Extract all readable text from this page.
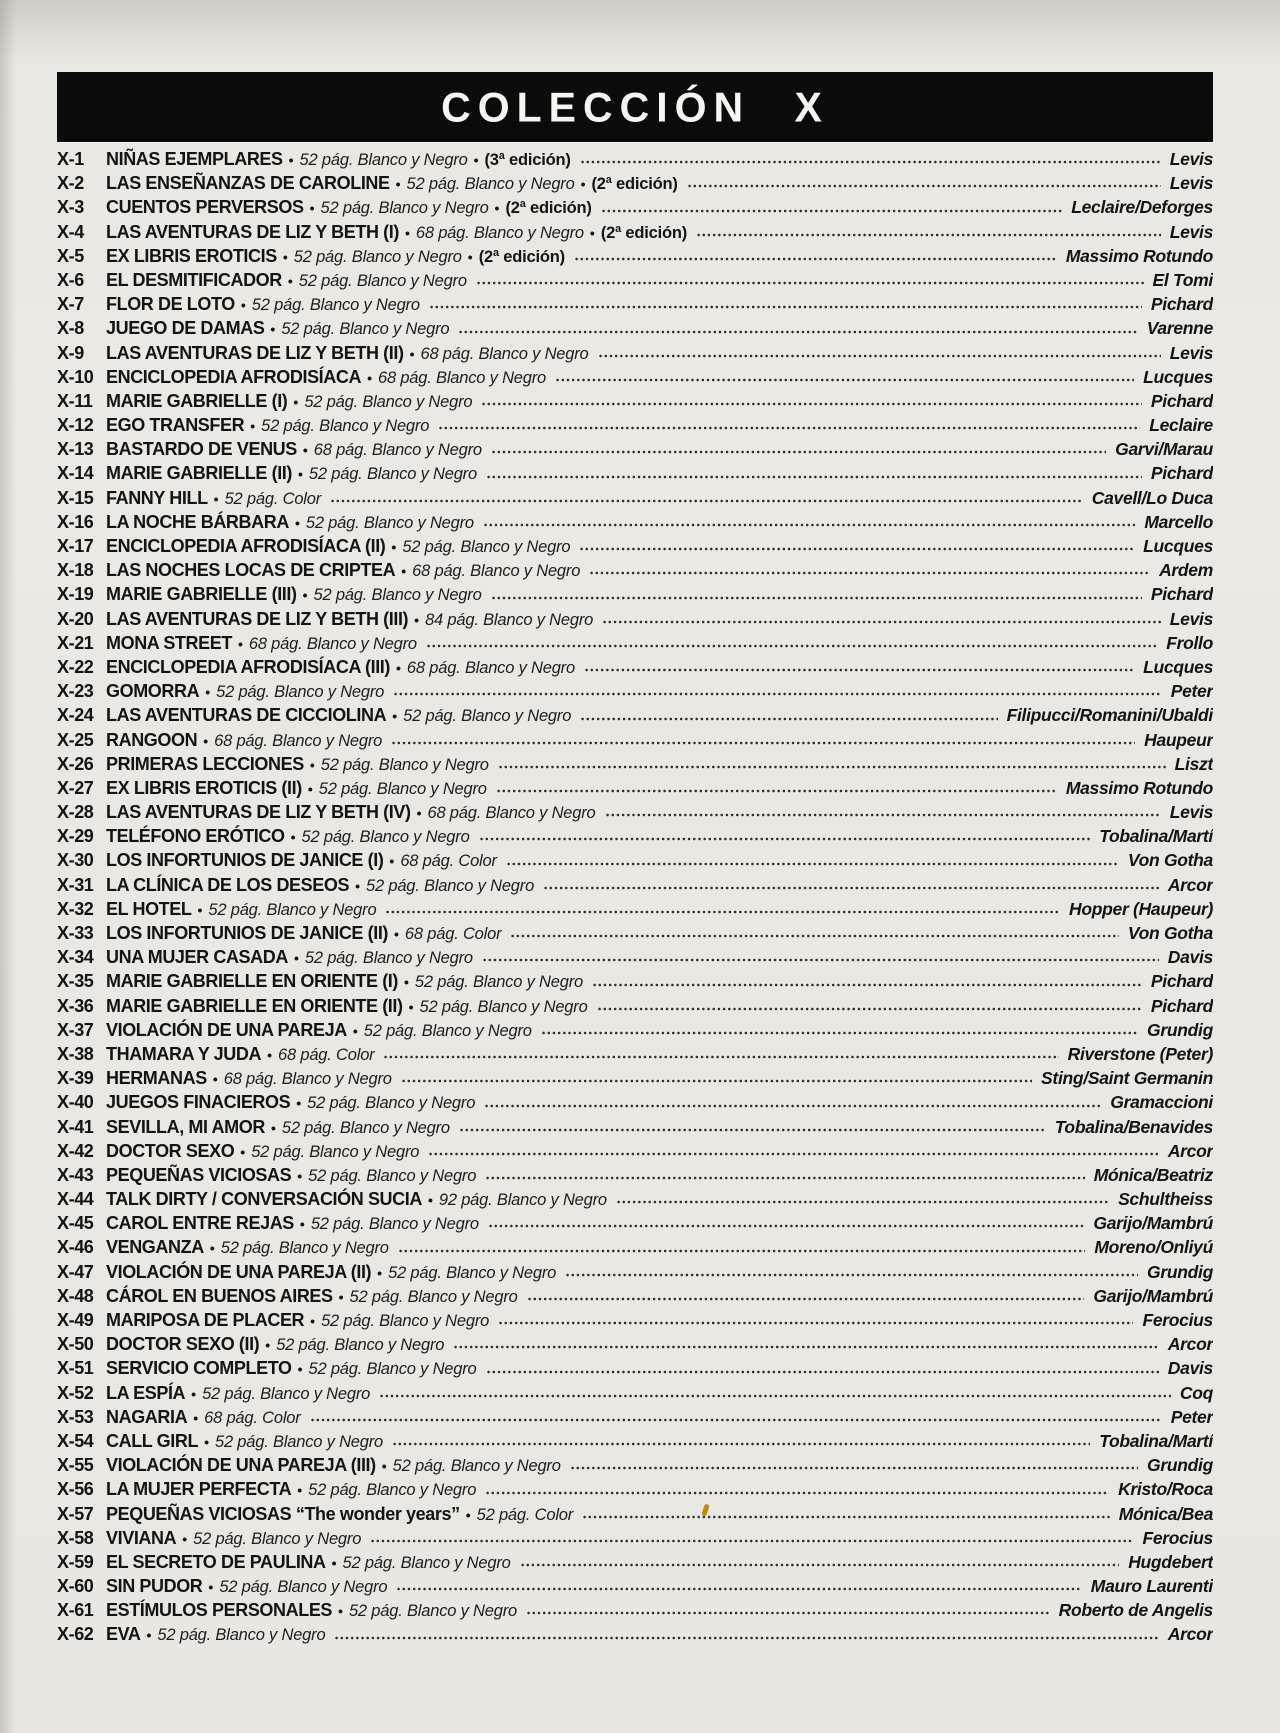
COLECCIÓN X
X-1	NIÑAS EJEMPLARES • 52 pág. Blanco y Negro • (3ª edición)	Levis
X-2	LAS ENSEÑANZAS DE CAROLINE • 52 pág. Blanco y Negro • (2ª edición)	Levis
X-3	CUENTOS PERVERSOS • 52 pág. Blanco y Negro • (2ª edición)	Leclaire/Deforges
X-4	LAS AVENTURAS DE LIZ Y BETH (I) • 68 pág. Blanco y Negro • (2ª edición)	Levis
X-5	EX LIBRIS EROTICIS • 52 pág. Blanco y Negro • (2ª edición)	Massimo Rotundo
X-6	EL DESMITIFICADOR • 52 pág. Blanco y Negro	El Tomi
X-7	FLOR DE LOTO • 52 pág. Blanco y Negro	Pichard
X-8	JUEGO DE DAMAS • 52 pág. Blanco y Negro	Varenne
X-9	LAS AVENTURAS DE LIZ Y BETH (II) • 68 pág. Blanco y Negro	Levis
X-10 ENCICLOPEDIA AFRODISÍACA • 68 pág. Blanco y Negro	Lucques
X-11 MARIE GABRIELLE (I) • 52 pág. Blanco y Negro	Pichard
X-12 EGO TRANSFER • 52 pág. Blanco y Negro	Leclaire
X-13 BASTARDO DE VENUS • 68 pág. Blanco y Negro	Garvi/Marau
X-14 MARIE GABRIELLE (II) • 52 pág. Blanco y Negro	Pichard
X-15 FANNY HILL • 52 pág. Color	Cavell/Lo Duca
X-16 LA NOCHE BÁRBARA • 52 pág. Blanco y Negro	Marcello
X-17 ENCICLOPEDIA AFRODISÍACA (II) • 52 pág. Blanco y Negro	Lucques
X-18 LAS NOCHES LOCAS DE CRIPTEA • 68 pág. Blanco y Negro	Ardem
X-19 MARIE GABRIELLE (III) • 52 pág. Blanco y Negro	Pichard
X-20 LAS AVENTURAS DE LIZ Y BETH (III) • 84 pág. Blanco y Negro	Levis
X-21 MONA STREET • 68 pág. Blanco y Negro	Frollo
X-22 ENCICLOPEDIA AFRODISÍACA (III) • 68 pág. Blanco y Negro	Lucques
X-23 GOMORRA • 52 pág. Blanco y Negro	Peter
X-24 LAS AVENTURAS DE CICCIOLINA • 52 pág. Blanco y Negro	Filipucci/Romanini/Ubaldi
X-25 RANGOON • 68 pág. Blanco y Negro	Haupeur
X-26 PRIMERAS LECCIONES • 52 pág. Blanco y Negro	Liszt
X-27 EX LIBRIS EROTICIS (II) • 52 pág. Blanco y Negro	Massimo Rotundo
X-28 LAS AVENTURAS DE LIZ Y BETH (IV) • 68 pág. Blanco y Negro	Levis
X-29 TELÉFONO ERÓTICO • 52 pág. Blanco y Negro	Tobalina/Martí
X-30 LOS INFORTUNIOS DE JANICE (I) • 68 pág. Color	Von Gotha
X-31 LA CLÍNICA DE LOS DESEOS • 52 pág. Blanco y Negro	Arcor
X-32 EL HOTEL • 52 pág. Blanco y Negro	Hopper (Haupeur)
X-33 LOS INFORTUNIOS DE JANICE (II) • 68 pág. Color	Von Gotha
X-34 UNA MUJER CASADA • 52 pág. Blanco y Negro	Davis
X-35 MARIE GABRIELLE EN ORIENTE (I) • 52 pág. Blanco y Negro	Pichard
X-36 MARIE GABRIELLE EN ORIENTE (II) • 52 pág. Blanco y Negro	Pichard
X-37 VIOLACIÓN DE UNA PAREJA • 52 pág. Blanco y Negro	Grundig
X-38 THAMARA Y JUDA • 68 pág. Color	Riverstone (Peter)
X-39 HERMANAS • 68 pág. Blanco y Negro	Sting/Saint Germanin
X-40 JUEGOS FINACIEROS • 52 pág. Blanco y Negro	Gramaccioni
X-41 SEVILLA, MI AMOR • 52 pág. Blanco y Negro	Tobalina/Benavides
X-42 DOCTOR SEXO • 52 pág. Blanco y Negro	Arcor
X-43 PEQUEÑAS VICIOSAS • 52 pág. Blanco y Negro	Mónica/Beatriz
X-44 TALK DIRTY / CONVERSACIÓN SUCIA • 92 pág. Blanco y Negro	Schultheiss
X-45 CAROL ENTRE REJAS • 52 pág. Blanco y Negro	Garijo/Mambrú
X-46 VENGANZA • 52 pág. Blanco y Negro	Moreno/Onliyú
X-47 VIOLACIÓN DE UNA PAREJA (II) • 52 pág. Blanco y Negro	Grundig
X-48 CÁROL EN BUENOS AIRES • 52 pág. Blanco y Negro	Garijo/Mambrú
X-49 MARIPOSA DE PLACER • 52 pág. Blanco y Negro	Ferocius
X-50 DOCTOR SEXO (II) • 52 pág. Blanco y Negro	Arcor
X-51 SERVICIO COMPLETO • 52 pág. Blanco y Negro	Davis
X-52 LA ESPÍA • 52 pág. Blanco y Negro	Coq
X-53 NAGARIA • 68 pág. Color	Peter
X-54 CALL GIRL • 52 pág. Blanco y Negro	Tobalina/Martí
X-55 VIOLACIÓN DE UNA PAREJA (III) • 52 pág. Blanco y Negro	Grundig
X-56 LA MUJER PERFECTA • 52 pág. Blanco y Negro	Kristo/Roca
X-57 PEQUEÑAS VICIOSAS “The wonder years” • 52 pág. Color	Mónica/Bea
X-58 VIVIANA • 52 pág. Blanco y Negro	Ferocius
X-59 EL SECRETO DE PAULINA • 52 pág. Blanco y Negro	Hugdebert
X-60 SIN PUDOR • 52 pág. Blanco y Negro	Mauro Laurenti
X-61 ESTÍMULOS PERSONALES • 52 pág. Blanco y Negro	Roberto de Angelis
X-62 EVA • 52 pág. Blanco y Negro	Arcor
